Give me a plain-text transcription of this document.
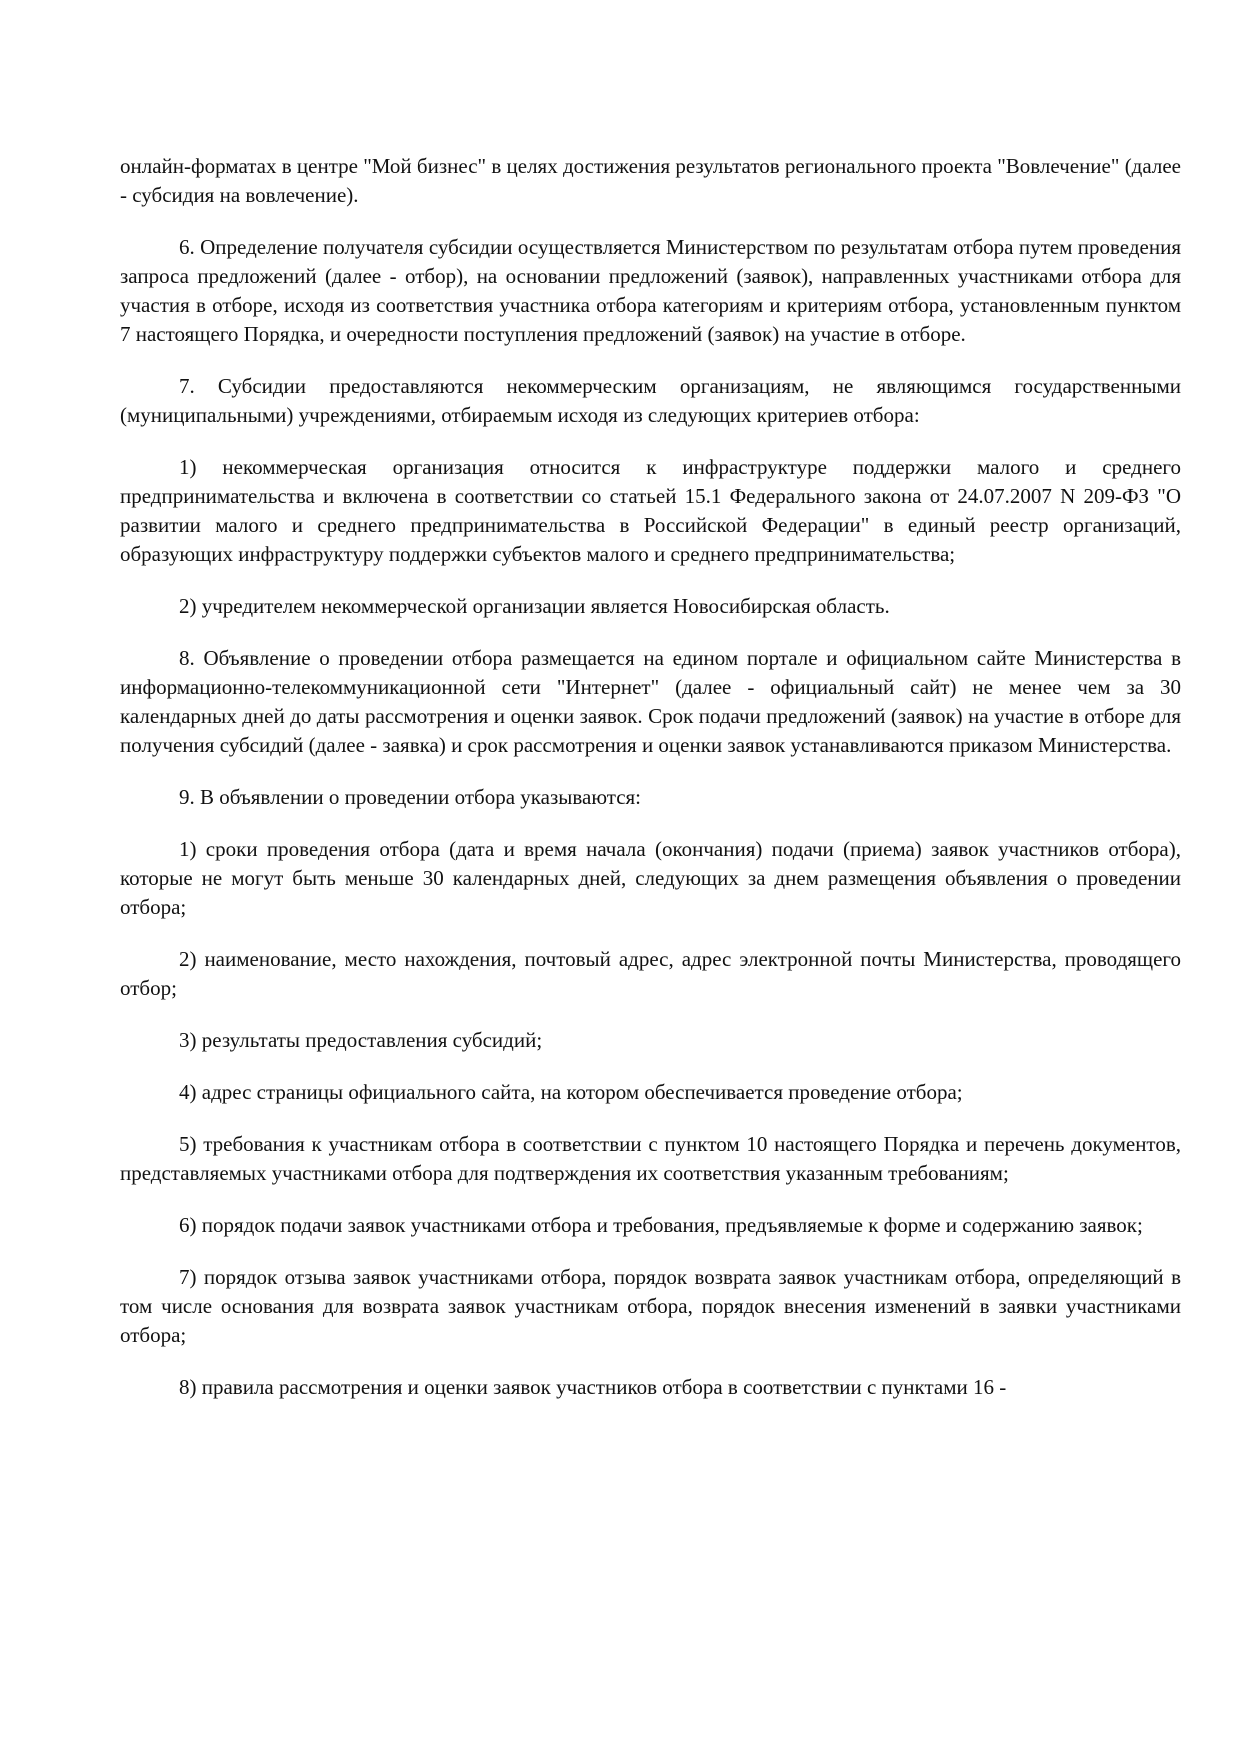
онлайн-форматах в центре "Мой бизнес" в целях достижения результатов регионального проекта "Вовлечение" (далее - субсидия на вовлечение).

6. Определение получателя субсидии осуществляется Министерством по результатам отбора путем проведения запроса предложений (далее - отбор), на основании предложений (заявок), направленных участниками отбора для участия в отборе, исходя из соответствия участника отбора категориям и критериям отбора, установленным пунктом 7 настоящего Порядка, и очередности поступления предложений (заявок) на участие в отборе.

7. Субсидии предоставляются некоммерческим организациям, не являющимся государственными (муниципальными) учреждениями, отбираемым исходя из следующих критериев отбора:

1) некоммерческая организация относится к инфраструктуре поддержки малого и среднего предпринимательства и включена в соответствии со статьей 15.1 Федерального закона от 24.07.2007 N 209-ФЗ "О развитии малого и среднего предпринимательства в Российской Федерации" в единый реестр организаций, образующих инфраструктуру поддержки субъектов малого и среднего предпринимательства;

2) учредителем некоммерческой организации является Новосибирская область.

8. Объявление о проведении отбора размещается на едином портале и официальном сайте Министерства в информационно-телекоммуникационной сети "Интернет" (далее - официальный сайт) не менее чем за 30 календарных дней до даты рассмотрения и оценки заявок. Срок подачи предложений (заявок) на участие в отборе для получения субсидий (далее - заявка) и срок рассмотрения и оценки заявок устанавливаются приказом Министерства.

9. В объявлении о проведении отбора указываются:

1) сроки проведения отбора (дата и время начала (окончания) подачи (приема) заявок участников отбора), которые не могут быть меньше 30 календарных дней, следующих за днем размещения объявления о проведении отбора;

2) наименование, место нахождения, почтовый адрес, адрес электронной почты Министерства, проводящего отбор;

3) результаты предоставления субсидий;

4) адрес страницы официального сайта, на котором обеспечивается проведение отбора;

5) требования к участникам отбора в соответствии с пунктом 10 настоящего Порядка и перечень документов, представляемых участниками отбора для подтверждения их соответствия указанным требованиям;

6) порядок подачи заявок участниками отбора и требования, предъявляемые к форме и содержанию заявок;

7) порядок отзыва заявок участниками отбора, порядок возврата заявок участникам отбора, определяющий в том числе основания для возврата заявок участникам отбора, порядок внесения изменений в заявки участниками отбора;

8) правила рассмотрения и оценки заявок участников отбора в соответствии с пунктами 16 -
